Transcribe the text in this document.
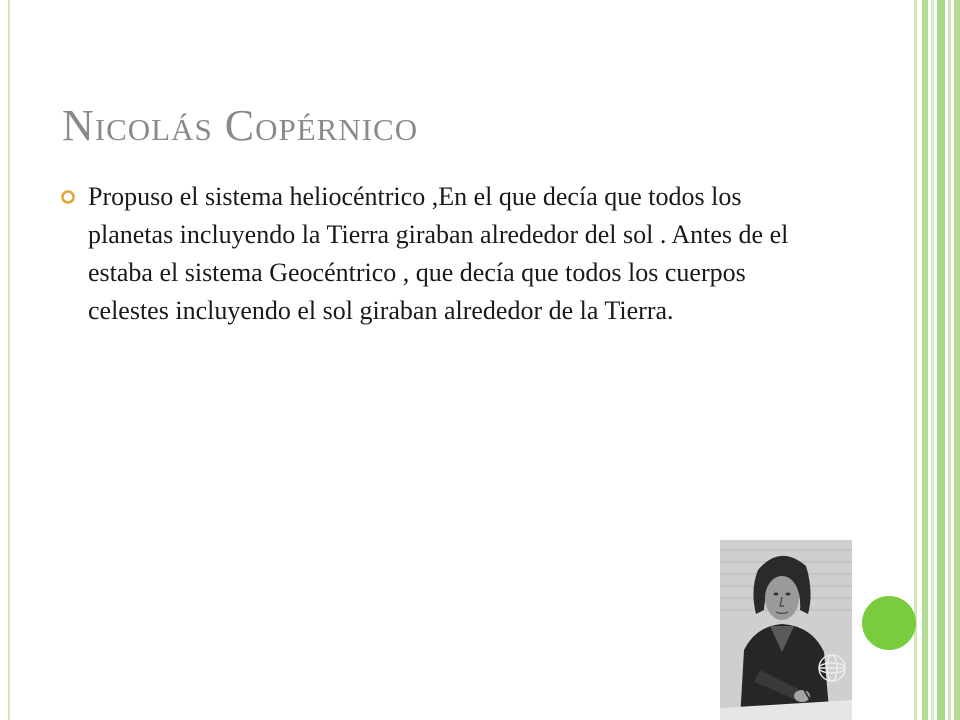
Nicolás Copérnico
Propuso el sistema heliocéntrico ,En el que decía que todos los planetas incluyendo la Tierra giraban alrededor del sol . Antes de el estaba el sistema Geocéntrico , que decía que todos los cuerpos celestes incluyendo el sol giraban alrededor de la Tierra.
